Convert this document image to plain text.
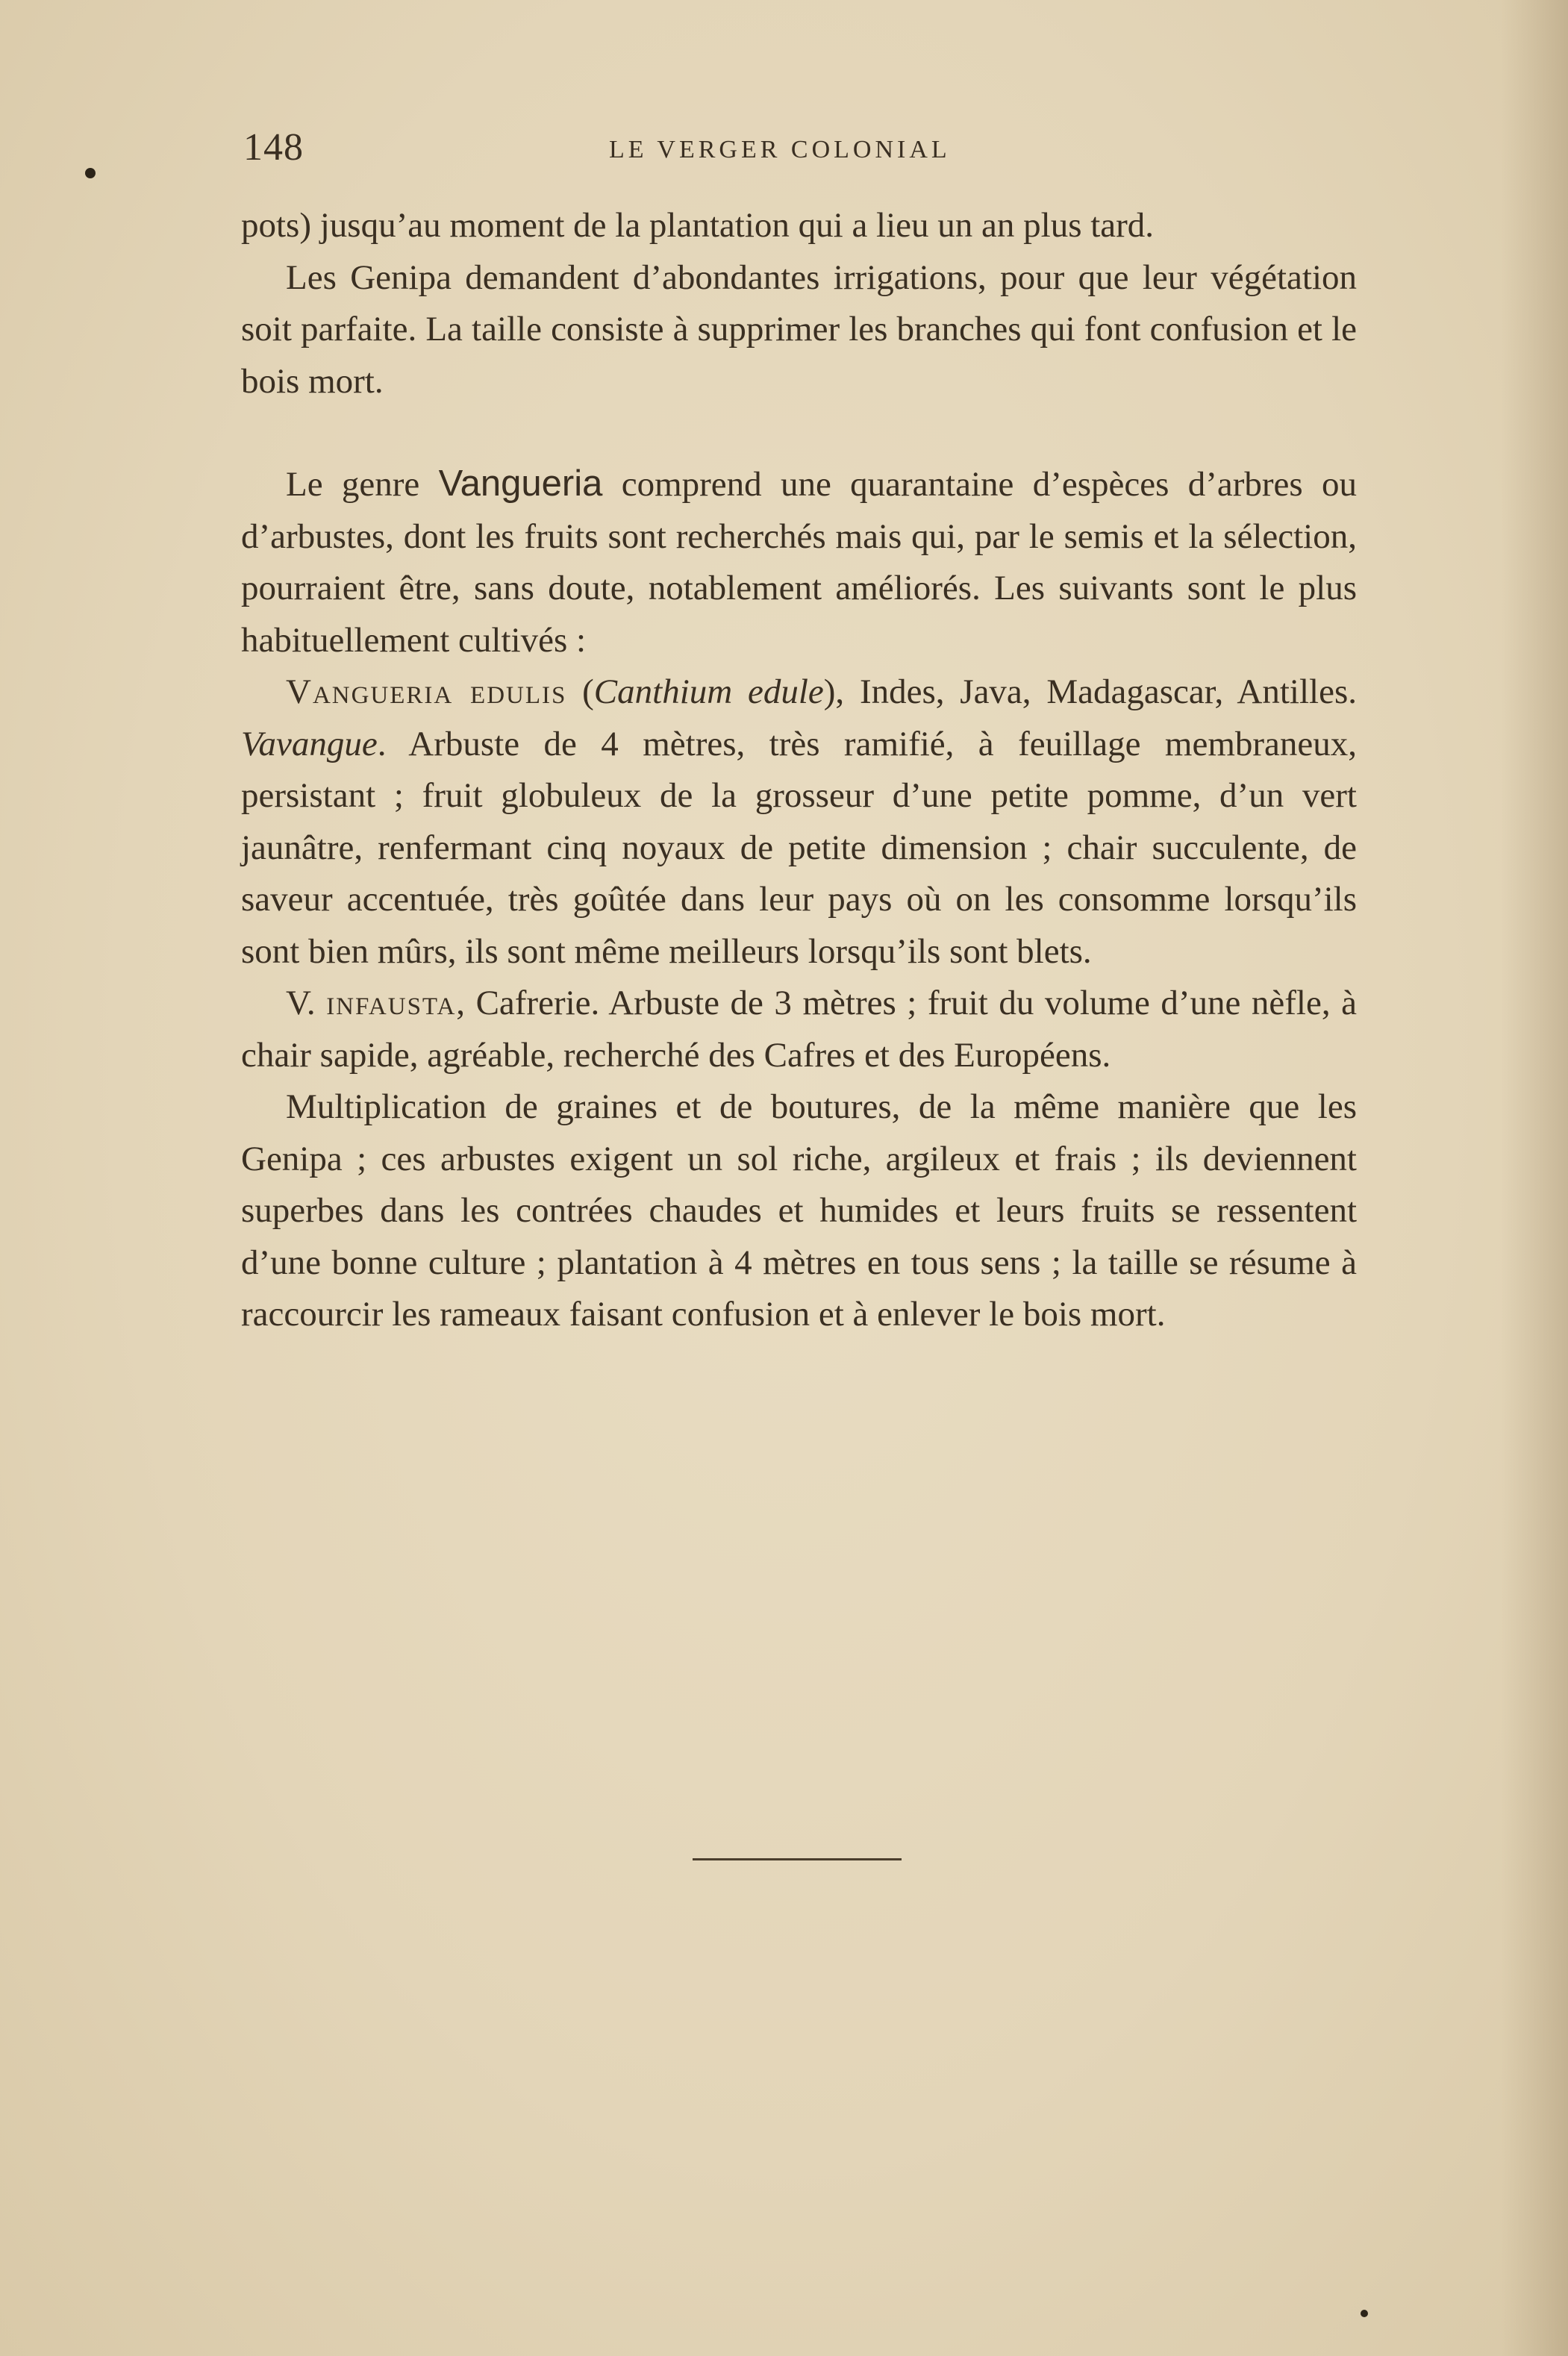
148	LE VERGER COLONIAL

pots) jusqu’au moment de la plantation qui a lieu un an plus tard.

Les Genipa demandent d’abondantes irrigations, pour que leur végétation soit parfaite. La taille consiste à supprimer les branches qui font confusion et le bois mort.

Le genre Vangueria comprend une quarantaine d’espèces d’arbres ou d’arbustes, dont les fruits sont recherchés mais qui, par le semis et la sélection, pourraient être, sans doute, notablement améliorés. Les suivants sont le plus habituellement cultivés :

Vangueria edulis (Canthium edule), Indes, Java, Madagascar, Antilles. Vavangue. Arbuste de 4 mètres, très ramifié, à feuillage membraneux, persistant ; fruit globuleux de la grosseur d’une petite pomme, d’un vert jaunâtre, renfermant cinq noyaux de petite dimension ; chair succulente, de saveur accentuée, très goûtée dans leur pays où on les consomme lorsqu’ils sont bien mûrs, ils sont même meilleurs lorsqu’ils sont blets.

V. infausta, Cafrerie. Arbuste de 3 mètres ; fruit du volume d’une nèfle, à chair sapide, agréable, recherché des Cafres et des Européens.

Multiplication de graines et de boutures, de la même manière que les Genipa ; ces arbustes exigent un sol riche, argileux et frais ; ils deviennent superbes dans les contrées chaudes et humides et leurs fruits se ressentent d’une bonne culture ; plantation à 4 mètres en tous sens ; la taille se résume à raccourcir les rameaux faisant confusion et à enlever le bois mort.
